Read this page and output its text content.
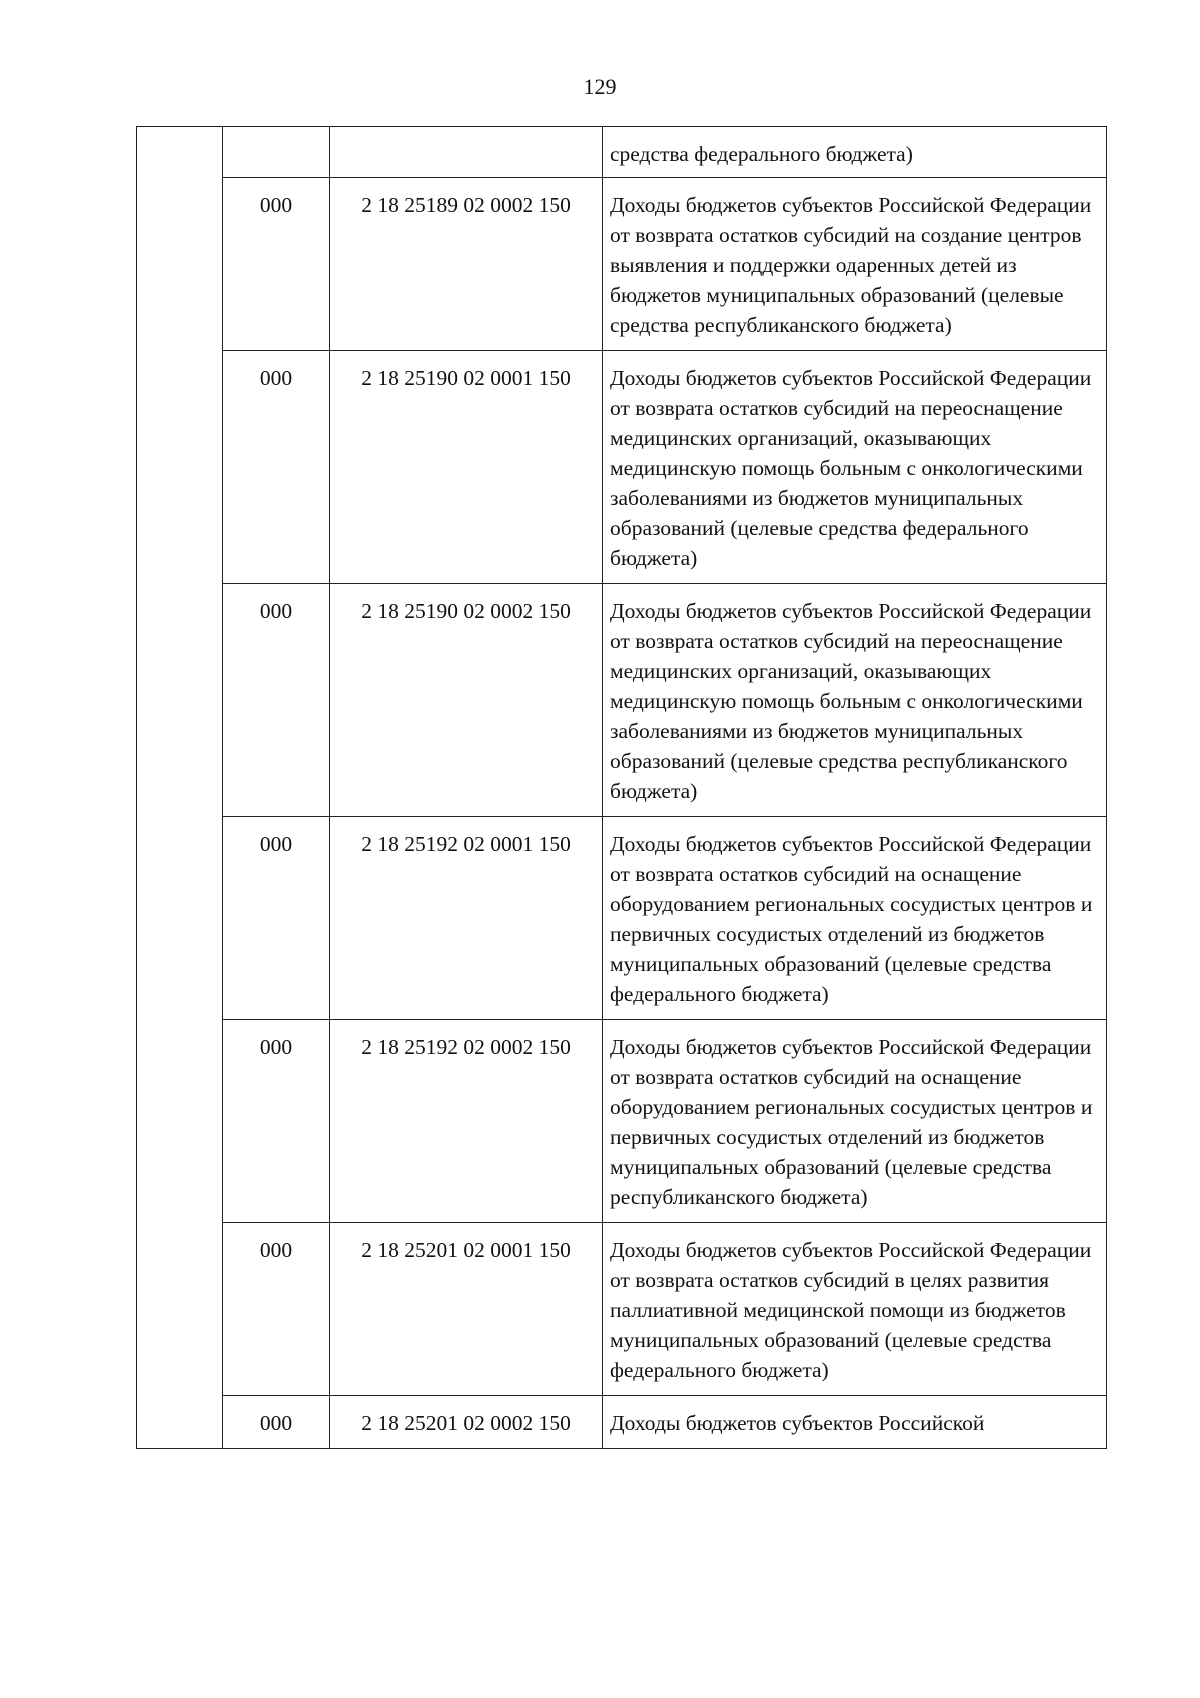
129
			средства федерального бюджета)
	000	2 18 25189 02 0002 150	Доходы бюджетов субъектов Российской Федерации от возврата остатков субсидий на создание центров выявления и поддержки одаренных детей из бюджетов муниципальных образований (целевые средства республиканского бюджета)
	000	2 18 25190 02 0001 150	Доходы бюджетов субъектов Российской Федерации от возврата остатков субсидий на переоснащение медицинских организаций, оказывающих медицинскую помощь больным с онкологическими заболеваниями из бюджетов муниципальных образований (целевые средства федерального бюджета)
	000	2 18 25190 02 0002 150	Доходы бюджетов субъектов Российской Федерации от возврата остатков субсидий на переоснащение медицинских организаций, оказывающих медицинскую помощь больным с онкологическими заболеваниями из бюджетов муниципальных образований (целевые средства республиканского бюджета)
	000	2 18 25192 02 0001 150	Доходы бюджетов субъектов Российской Федерации от возврата остатков субсидий на оснащение оборудованием региональных сосудистых центров и первичных сосудистых отделений из бюджетов муниципальных образований (целевые средства федерального бюджета)
	000	2 18 25192 02 0002 150	Доходы бюджетов субъектов Российской Федерации от возврата остатков субсидий на оснащение оборудованием региональных сосудистых центров и первичных сосудистых отделений из бюджетов муниципальных образований (целевые средства республиканского бюджета)
	000	2 18 25201 02 0001 150	Доходы бюджетов субъектов Российской Федерации от возврата остатков субсидий в целях развития паллиативной медицинской помощи из бюджетов муниципальных образований (целевые средства федерального бюджета)
	000	2 18 25201 02 0002 150	Доходы бюджетов субъектов Российской
